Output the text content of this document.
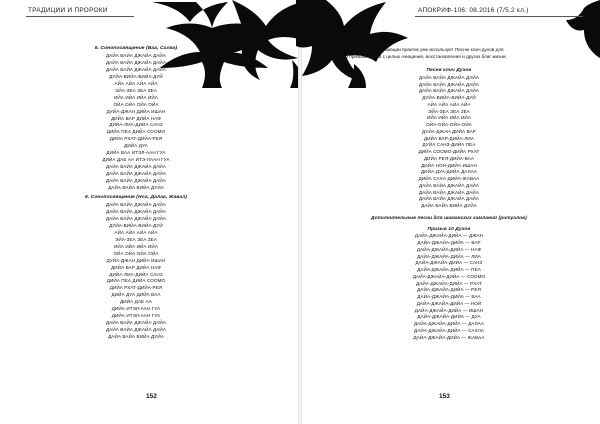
ТРАДИЦИИ И ПРОРОКИ
5. Сонопосвящение (Ваа, Салва)
ДАЙА ВАЙА ДЖАЙА ДАЙА
ДАЙА ВАЙА ДЖАЙА ДАЙА
ДАЙА ВАЙА ДЖАЙА ДАЙА
ДУЙА-ВИЙА-ВИЙА-ДУЙ
АЙА АЙА АЙА АЙА
ЭЙА-ЗЕА ЗЕА ЗЕА
ИЙА ИЙА ИЙА ИЙА
ОЙА ОЙА ОЙА ОЙА
ДУЙА-ДЖАН ДИЙА ИШАН
ДИЙА ВАР ДИЙА НАФ
ДИЙА-ЛИА-ДИЙА САНЗ
ДИЙА ПЕА ДИЙА СООМО
ДИЙА РХАТ-ДИЙА-РЕЯ
ДИЙА ДУА
ДИЙА ВАА ИТЭЛ-ААН ГУА
ДИЙА ДАЕ АА ИТЭ-ЛААН ГУА
ДАЙА ВАЙА ДЖАЙА ДАЙА
ДАЙА ВАЙА ДЖАЙА ДАЙА
ДАЙА ВАЙА ДЖАЙА ДАЙА
ДАЙА ВАЙА ВИЙА ДУЙА
6. Сонопосвящение (Ноа, Далаа, Жавал)
ДАЙА ВАЙА ДЖАЙА ДАЙА
ДАЙА ВАЙА ДЖАЙА ДАЙА
ДАЙА ВАЙА ДЖАЙА ДАЙА
ДУЙА-ВИЙА-ВИЙА-ДУЙ
АЙА АЙА АЙА АЙА
ЭЙА-ЗЕА ЗЕА ЗЕА
ИЙА ИЙА ИЙА ИЙА
ОЙА ОЙА ОЙА ОЙА
ДУЙА-ДЖАН ДИЙА ИШАН
ДИЙА ВАР ДИЙА НАФ
ДИЙА-ЛИА-ДИЙА САНЗ
ДИЙА ПЕА ДИЙА СООМО
ДИЙА РХАТ-ДИЙА-РЕЯ
ДИЙА ДУА ДИЙА ВАА
ДИЙА ДАЕ АА
ДИЙА ИТЭЛ-ААН ГУА
ДИЙА ИТЭЛ-ААН ГУА
ДАЙА ВАЙА ДЖАЙА ДАЙА
ДАЙА ВАЙА ДЖАЙА ДАЙА
ДАЙА ВАЙА ВИЙА ДУЙА
152
АПОКРИФ-106: 08.2016 (7/5.2 кл.)
После прохождения инициации практик уже использует Песню клич духов для
общего призыва духов с целью очищения, восстановления и других благ жизни.
Песня клич Духов
ДАЙА ВАЙА ДЖАЙА ДАЙА
ДАЙА ВАЙА ДЖАЙА ДАЙА
ДАЙА ВАЙА ДЖАЙА ДАЙА
ДУЙА-ВИЙА-ВИЙА-ДУЙ
АЙА АЙА АЙА АЙА
ЭЙА-ЗЕА ЗЕА ЗЕА
ИЙА ИЙА ИЙА ИЙА
ОЙА-ОЙА-ОЙА-ОЙА
ДУЙА-ДЖАН ДИЙА ВАР
ДИЙА ВАР-ДИЙА-ЛИА
ДУЙА САНЗ-ДИЙА ПЕА
ДИЙА СООМО-ДИЙА РХАТ
ДИЙА РЕЯ-ДИЙА-ВАА
ДИЙА НОН-ДИЙА-ИШАН
ДИЙА-ДУА-ДИЙА ДАЛАА
ДИЙА САХА-ДИЙА-ЖАВАА
ДАЙА ВАЙА ДЖАЙА ДАЙА
ДАЙА ВАЙА ДЖАЙА ДАЙА
ДАЙА ВАЙА ДЖАЙА ДАЙА
ДАЙА ВАЙА ВИЙА ДУЙА
Дополнительные песни для шаманских камланий (ритуалов)
Призыв 10 Духов
ДАЙА-ДЖАЙА-ДИЙА — ДЖАН
ДАЙА-ДЖАЙА-ДИЙА — ВАР
ДАЙА-ДЖАЙА-ДИЙА — НАФ
ДАЙА-ДЖАЙА-ДИЙА — ЛИА
ДАЙА-ДЖАЙА-ДИЙА — САНЗ
ДАЙА-ДЖАЙА-ДИЙА — ПЕА
ДАЙА-ДЖАЙА-ДИЙА — СООМО
ДАЙА-ДЖАЙА-ДИЙА — РХАТ
ДАЙА-ДЖАЙА-ДИЙА — РЕЯ
ДАЙА-ДЖАЙА-ДИЙА — ВАА
ДАЙА-ДЖАЙА-ДИЙА — НОЙ
ДАЙА-ДЖАЙА-ДИЙА — ИШАН
ДАЙА-ДЖАЙА-ДИЙА — ДУА
ДАЙА-ДЖАЙА-ДИЙА — ДАЛАА
ДАЙА-ДЖАЙА-ДИЙА — САХЛА
ДАЙА-ДЖАЙА-ДИЙА — ЖАВАА
153
